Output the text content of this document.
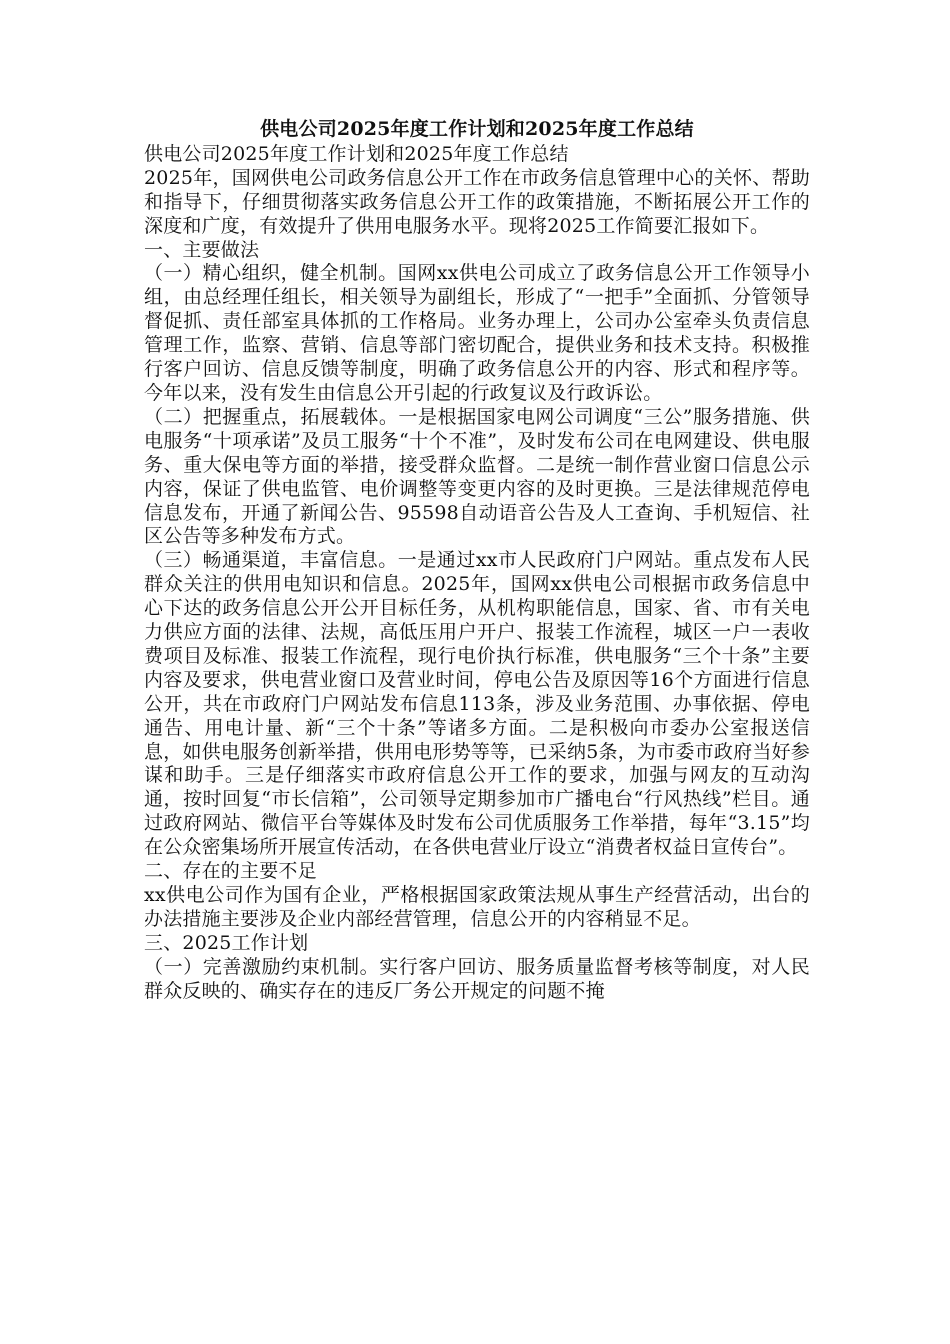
供电公司2025年度工作计划和2025年度工作总结
供电公司2025年度工作计划和2025年度工作总结
2025年，国网供电公司政务信息公开工作在市政务信息管理中心的关怀、帮助和指导下，仔细贯彻落实政务信息公开工作的政策措施，不断拓展公开工作的深度和广度，有效提升了供用电服务水平。现将2025工作简要汇报如下。
一、主要做法
（一）精心组织，健全机制。国网xx供电公司成立了政务信息公开工作领导小组，由总经理任组长，相关领导为副组长，形成了“一把手”全面抓、分管领导督促抓、责任部室具体抓的工作格局。业务办理上，公司办公室牵头负责信息管理工作，监察、营销、信息等部门密切配合，提供业务和技术支持。积极推行客户回访、信息反馈等制度，明确了政务信息公开的内容、形式和程序等。今年以来，没有发生由信息公开引起的行政复议及行政诉讼。
（二）把握重点，拓展载体。一是根据国家电网公司调度“三公”服务措施、供电服务“十项承诺”及员工服务“十个不准”，及时发布公司在电网建设、供电服务、重大保电等方面的举措，接受群众监督。二是统一制作营业窗口信息公示内容，保证了供电监管、电价调整等变更内容的及时更换。三是法律规范停电信息发布，开通了新闻公告、95598自动语音公告及人工查询、手机短信、社区公告等多种发布方式。
（三）畅通渠道，丰富信息。一是通过xx市人民政府门户网站。重点发布人民群众关注的供用电知识和信息。2025年，国网xx供电公司根据市政务信息中心下达的政务信息公开公开目标任务，从机构职能信息，国家、省、市有关电力供应方面的法律、法规，高低压用户开户、报装工作流程，城区一户一表收费项目及标准、报装工作流程，现行电价执行标准，供电服务“三个十条”主要内容及要求，供电营业窗口及营业时间，停电公告及原因等16个方面进行信息公开，共在市政府门户网站发布信息113条，涉及业务范围、办事依据、停电通告、用电计量、新“三个十条”等诸多方面。二是积极向市委办公室报送信息，如供电服务创新举措，供用电形势等等，已采纳5条，为市委市政府当好参谋和助手。三是仔细落实市政府信息公开工作的要求，加强与网友的互动沟通，按时回复“市长信箱”，公司领导定期参加市广播电台“行风热线”栏目。通过政府网站、微信平台等媒体及时发布公司优质服务工作举措，每年“3.15”均在公众密集场所开展宣传活动，在各供电营业厅设立“消费者权益日宣传台”。
二、存在的主要不足
xx供电公司作为国有企业，严格根据国家政策法规从事生产经营活动，出台的办法措施主要涉及企业内部经营管理，信息公开的内容稍显不足。
三、2025工作计划
（一）完善激励约束机制。实行客户回访、服务质量监督考核等制度，对人民群众反映的、确实存在的违反厂务公开规定的问题不掩
